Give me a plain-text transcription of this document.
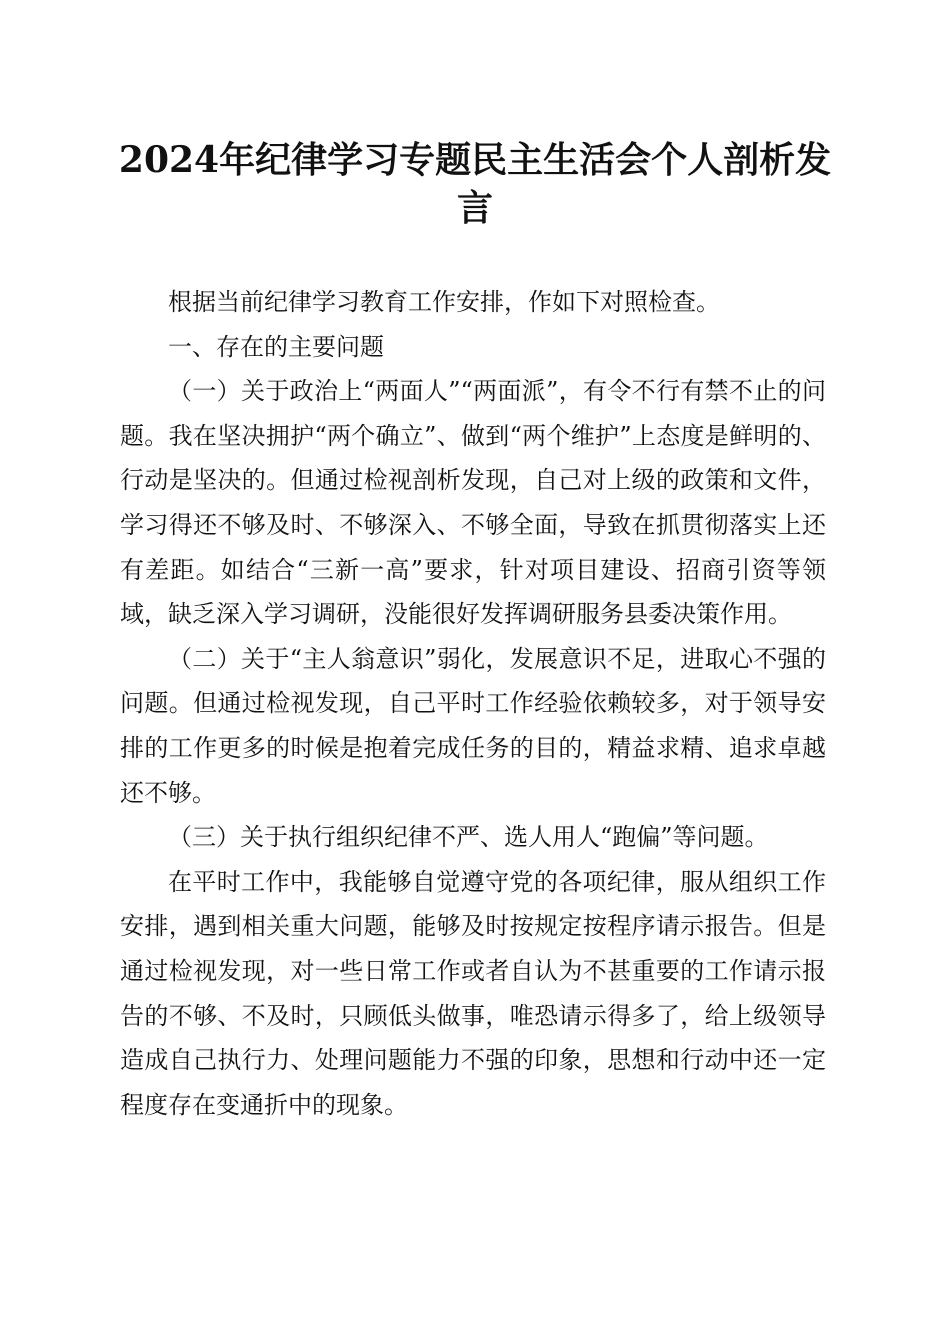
2024年纪律学习专题民主生活会个人剖析发言

根据当前纪律学习教育工作安排，作如下对照检查。

一、存在的主要问题

（一）关于政治上“两面人”“两面派”，有令不行有禁不止的问题。我在坚决拥护“两个确立”、做到“两个维护”上态度是鲜明的、行动是坚决的。但通过检视剖析发现，自己对上级的政策和文件，学习得还不够及时、不够深入、不够全面，导致在抓贯彻落实上还有差距。如结合“三新一高”要求，针对项目建设、招商引资等领域，缺乏深入学习调研，没能很好发挥调研服务县委决策作用。

（二）关于“主人翁意识”弱化，发展意识不足，进取心不强的问题。但通过检视发现，自己平时工作经验依赖较多，对于领导安排的工作更多的时候是抱着完成任务的目的，精益求精、追求卓越还不够。

（三）关于执行组织纪律不严、选人用人“跑偏”等问题。

在平时工作中，我能够自觉遵守党的各项纪律，服从组织工作安排，遇到相关重大问题，能够及时按规定按程序请示报告。但是通过检视发现，对一些日常工作或者自认为不甚重要的工作请示报告的不够、不及时，只顾低头做事，唯恐请示得多了，给上级领导造成自己执行力、处理问题能力不强的印象，思想和行动中还一定程度存在变通折中的现象。
